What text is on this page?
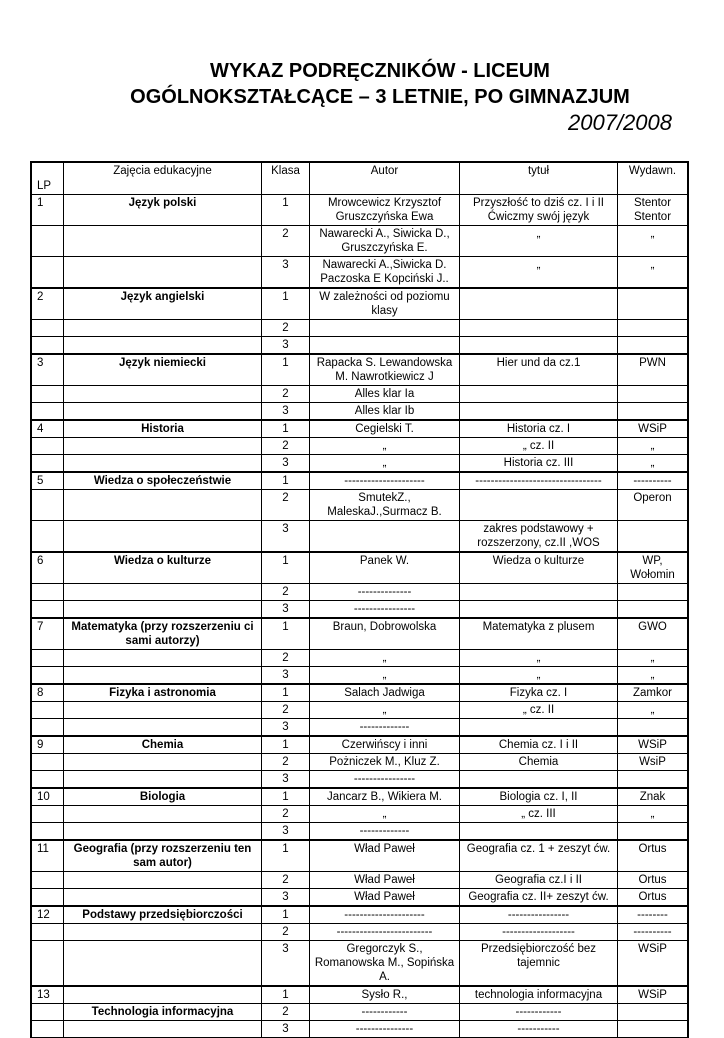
WYKAZ PODRĘCZNIKÓW - LICEUM
OGÓLNOKSZTAŁCĄCE – 3 LETNIE, PO GIMNAZJUM
2007/2008
LP	Zajęcia edukacyjne	Klasa	Autor	tytuł	Wydawn.
1	Język polski	1	Mrowcewicz Krzysztof Gruszczyńska Ewa	Przyszłość to dziś cz. I i II Ćwiczmy swój język	Stentor Stentor
		2	Nawarecki A., Siwicka D., Gruszczyńska E.	„	„
		3	Nawarecki A.,Siwicka D. Paczoska E Kopciński J..	„	„
2	Język angielski	1	W zależności od poziomu klasy		
		2			
		3			
3	Język niemiecki	1	Rapacka S. Lewandowska M. Nawrotkiewicz J	Hier und da cz.1	PWN
		2	Alles klar Ia		
		3	Alles klar Ib		
4	Historia	1	Cegielski T.	Historia cz. I	WSiP
		2	„	„ cz. II	„
		3	„	Historia cz. III	„
5	Wiedza o społeczeństwie	1	---------------------	---------------------------------	----------
		2	SmutekZ., MaleskaJ.,Surmacz B.		Operon
		3		zakres podstawowy + rozszerzony, cz.II ,WOS	
6	Wiedza o kulturze	1	Panek W.	Wiedza o kulturze	WP, Wołomin
		2	--------------		
		3	----------------		
7	Matematyka (przy rozszerzeniu ci sami autorzy)	1	Braun, Dobrowolska	Matematyka z plusem	GWO
		2	„	„	„
		3	„	„	„
8	Fizyka i astronomia	1	Salach Jadwiga	Fizyka cz. I	Zamkor
		2	„	„ cz. II	„
		3	-------------		
9	Chemia	1	Czerwińscy i inni	Chemia cz. I i II	WSiP
		2	Pożniczek M., Kluz Z.	Chemia	WsiP
		3	----------------		
10	Biologia	1	Jancarz B., Wikiera M.	Biologia cz. I, II	Znak
		2	„	„ cz. III	„
		3	-------------		
11	Geografia (przy rozszerzeniu ten sam autor)	1	Wład Paweł	Geografia cz. 1 + zeszyt ćw.	Ortus
		2	Wład Paweł	Geografia cz.I i II	Ortus
		3	Wład Paweł	Geografia cz. II+ zeszyt ćw.	Ortus
12	Podstawy przedsiębiorczości	1	---------------------	----------------	--------
		2	-------------------------	-------------------	----------
		3	Gregorczyk S., Romanowska M., Sopińska A.	Przedsiębiorczość bez tajemnic	WSiP
13		1	Sysło R.,	technologia informacyjna	WSiP
	Technologia informacyjna	2	------------	------------	
		3	---------------	-----------	
